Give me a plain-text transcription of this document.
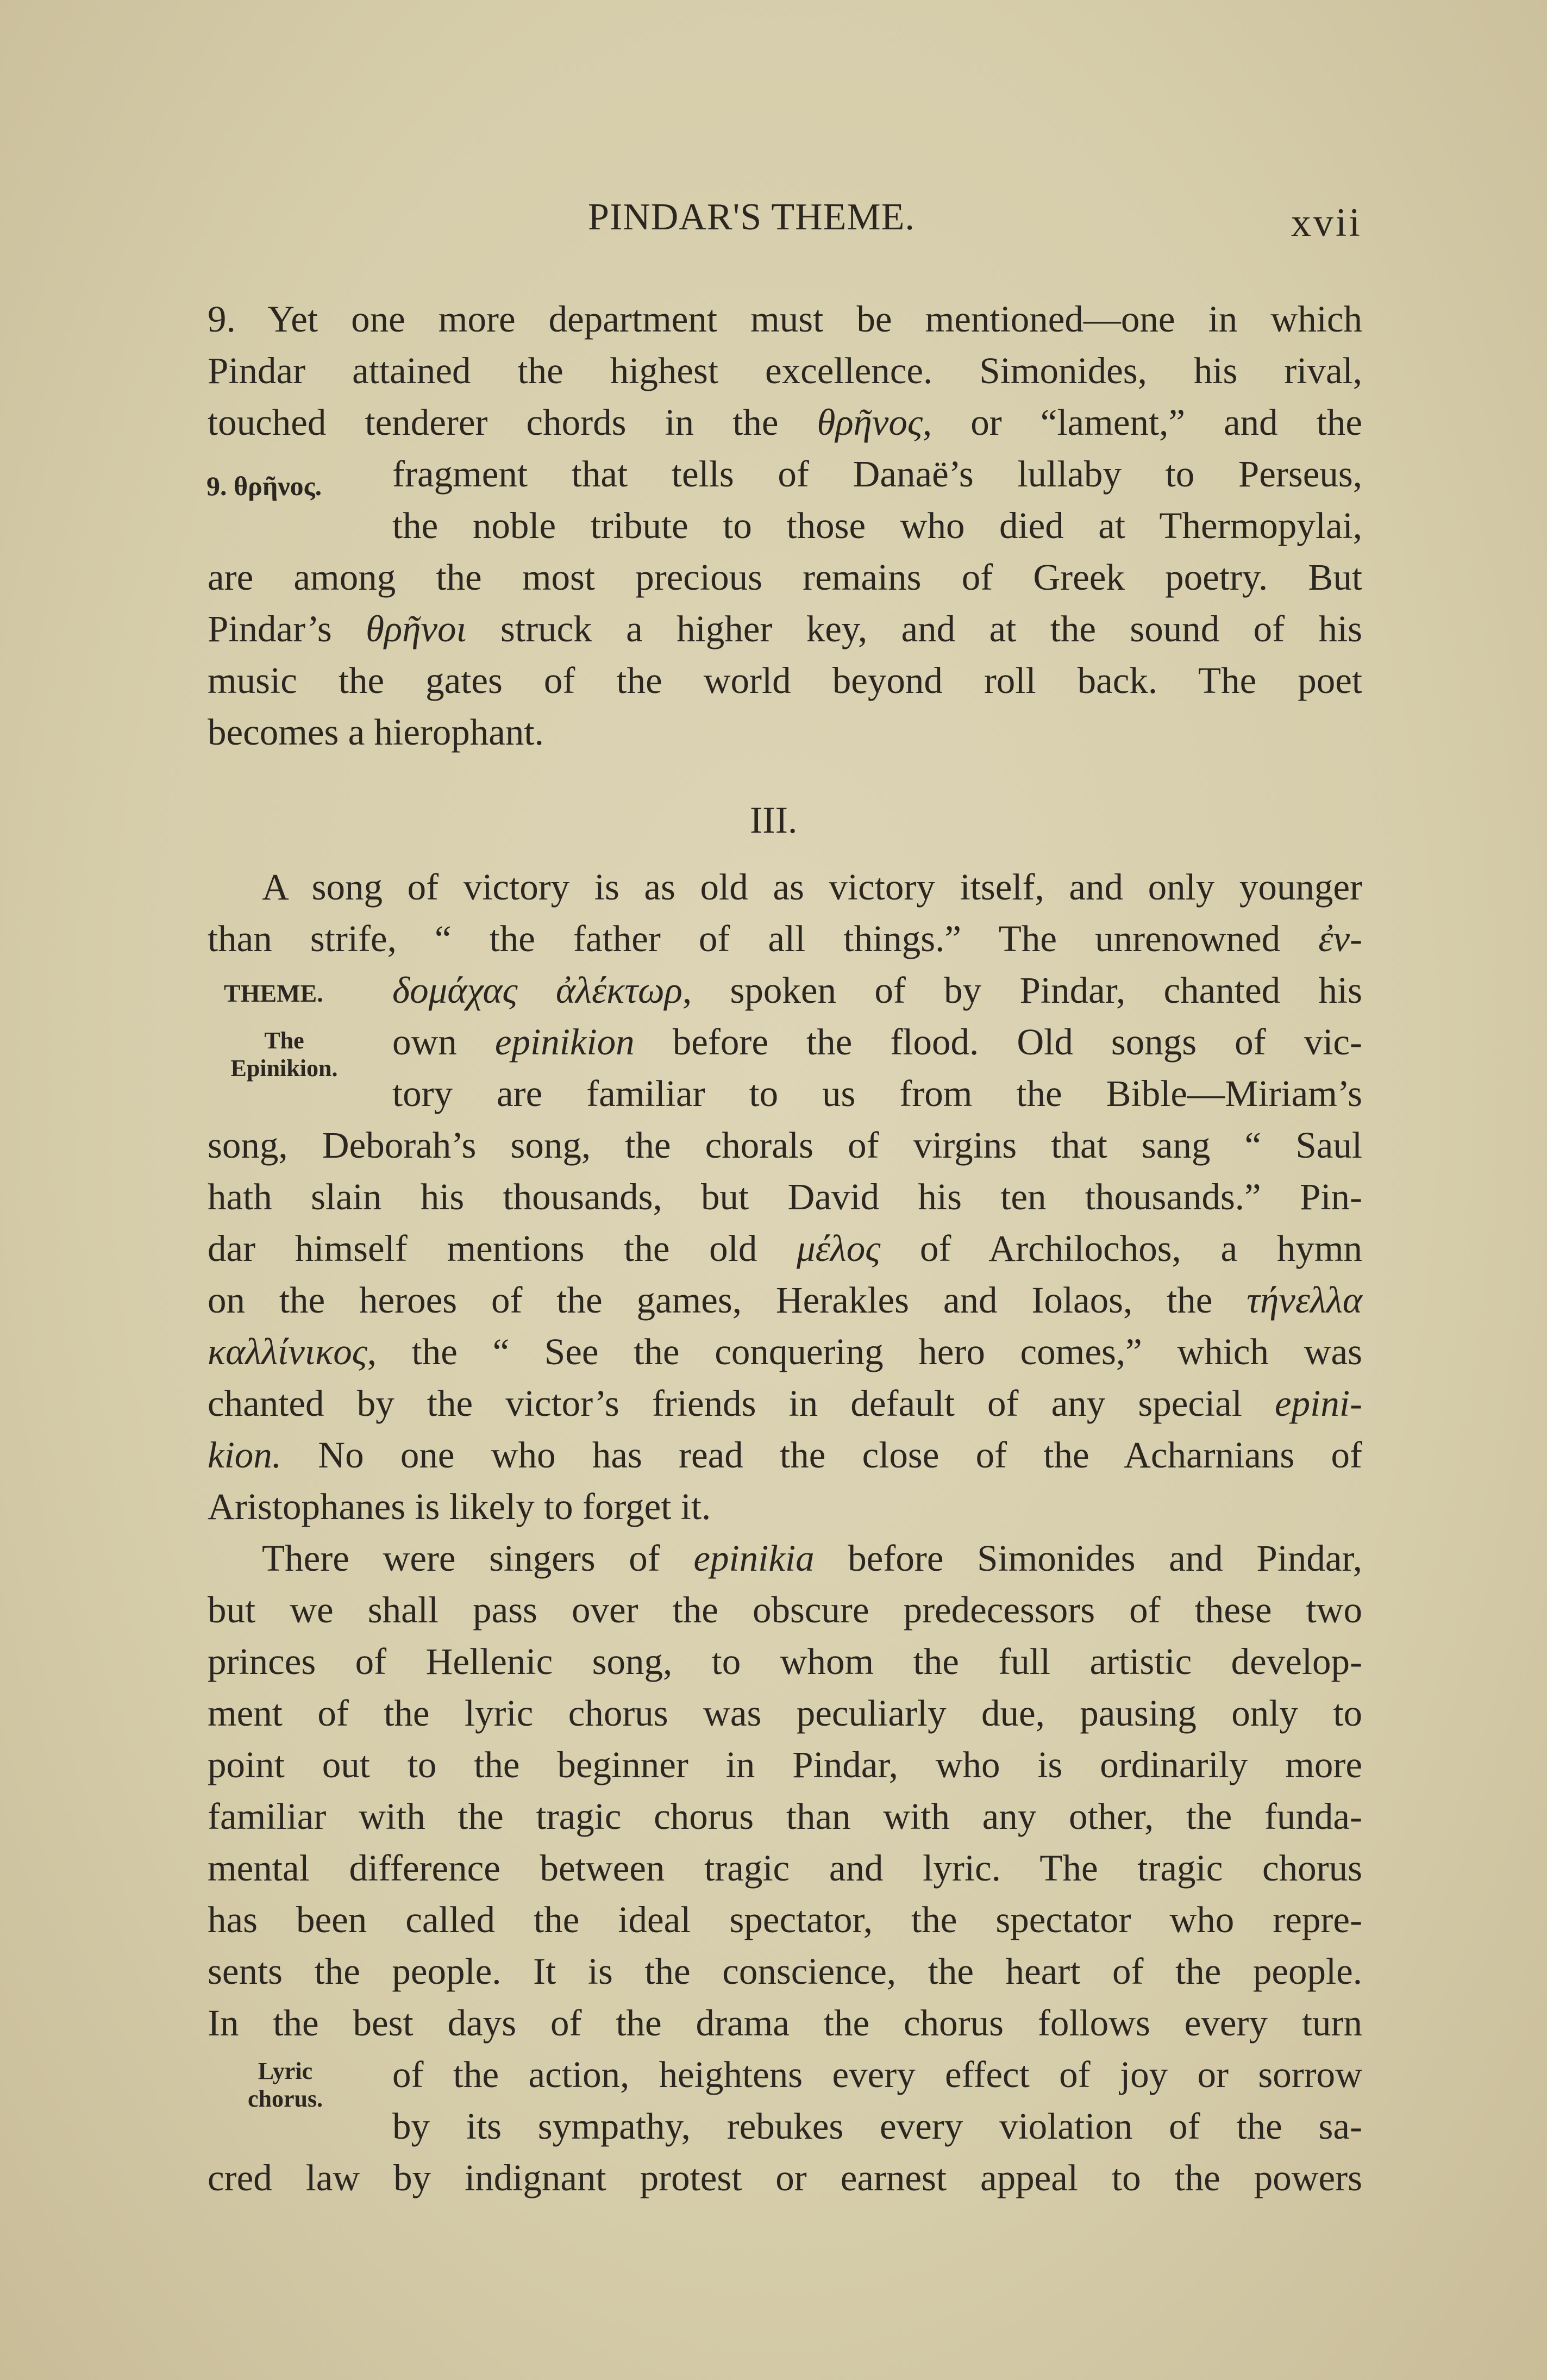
PINDAR'S THEME.	xvii
9. Yet one more department must be mentioned—one in which
Pindar attained the highest excellence. Simonides, his rival,
touched tenderer chords in the θρῆνος, or “lament,” and the
9. θρῆνος. fragment that tells of Danaë’s lullaby to Perseus,
the noble tribute to those who died at Thermopylai,
are among the most precious remains of Greek poetry. But
Pindar’s θρῆνοι struck a higher key, and at the sound of his
music the gates of the world beyond roll back. The poet
becomes a hierophant.
III.
A song of victory is as old as victory itself, and only younger
than strife, “ the father of all things.” The unrenowned ἐν-
THEME. δομάχας ἀλέκτωρ, spoken of by Pindar, chanted his
The
Epinikion.
own epinikion before the flood. Old songs of vic-
tory are familiar to us from the Bible—Miriam’s
song, Deborah’s song, the chorals of virgins that sang “ Saul
hath slain his thousands, but David his ten thousands.” Pin-
dar himself mentions the old μέλος of Archilochos, a hymn
on the heroes of the games, Herakles and Iolaos, the τήνελλα
καλλίνικος, the “ See the conquering hero comes,” which was
chanted by the victor’s friends in default of any special epini-
kion. No one who has read the close of the Acharnians of
Aristophanes is likely to forget it.
There were singers of epinikia before Simonides and Pindar,
but we shall pass over the obscure predecessors of these two
princes of Hellenic song, to whom the full artistic develop-
ment of the lyric chorus was peculiarly due, pausing only to
point out to the beginner in Pindar, who is ordinarily more
familiar with the tragic chorus than with any other, the funda-
mental difference between tragic and lyric. The tragic chorus
has been called the ideal spectator, the spectator who repre-
sents the people. It is the conscience, the heart of the people.
In the best days of the drama the chorus follows every turn
Lyric
chorus.
of the action, heightens every effect of joy or sorrow
by its sympathy, rebukes every violation of the sa-
cred law by indignant protest or earnest appeal to the powers
